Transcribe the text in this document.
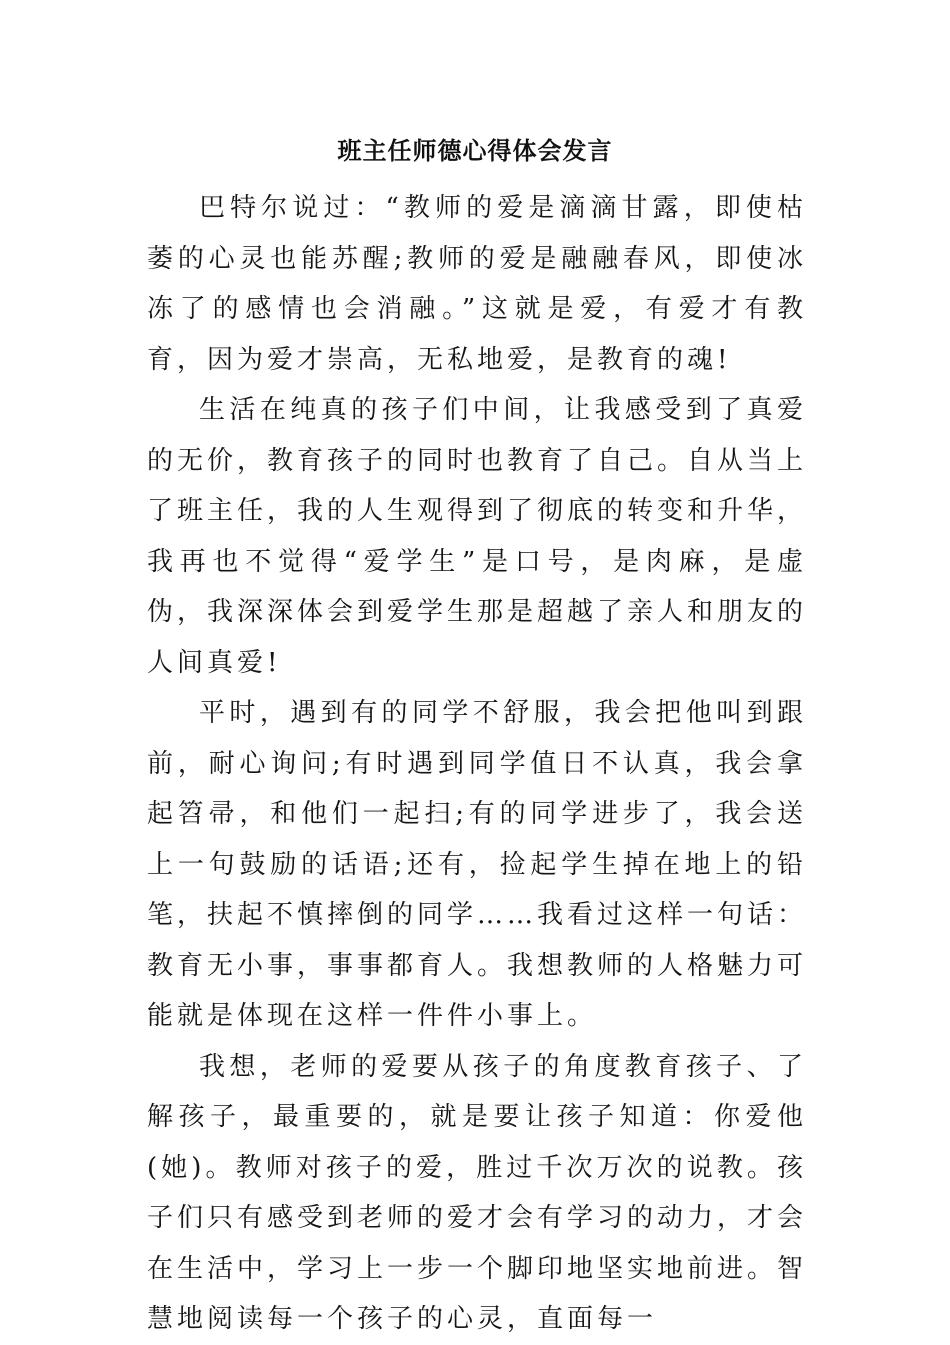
班主任师德心得体会发言

巴特尔说过：“教师的爱是滴滴甘露，即使枯萎的心灵也能苏醒;教师的爱是融融春风，即使冰冻了的感情也会消融。”这就是爱，有爱才有教育，因为爱才崇高，无私地爱，是教育的魂!

生活在纯真的孩子们中间，让我感受到了真爱的无价，教育孩子的同时也教育了自己。自从当上了班主任，我的人生观得到了彻底的转变和升华，我再也不觉得“爱学生”是口号，是肉麻，是虚伪，我深深体会到爱学生那是超越了亲人和朋友的人间真爱!

平时，遇到有的同学不舒服，我会把他叫到跟前，耐心询问;有时遇到同学值日不认真，我会拿起笤帚，和他们一起扫;有的同学进步了，我会送上一句鼓励的话语;还有，捡起学生掉在地上的铅笔，扶起不慎摔倒的同学……我看过这样一句话：教育无小事，事事都育人。我想教师的人格魅力可能就是体现在这样一件件小事上。

我想，老师的爱要从孩子的角度教育孩子、了解孩子，最重要的，就是要让孩子知道：你爱他(她)。教师对孩子的爱，胜过千次万次的说教。孩子们只有感受到老师的爱才会有学习的动力，才会在生活中，学习上一步一个脚印地坚实地前进。智慧地阅读每一个孩子的心灵，直面每一
